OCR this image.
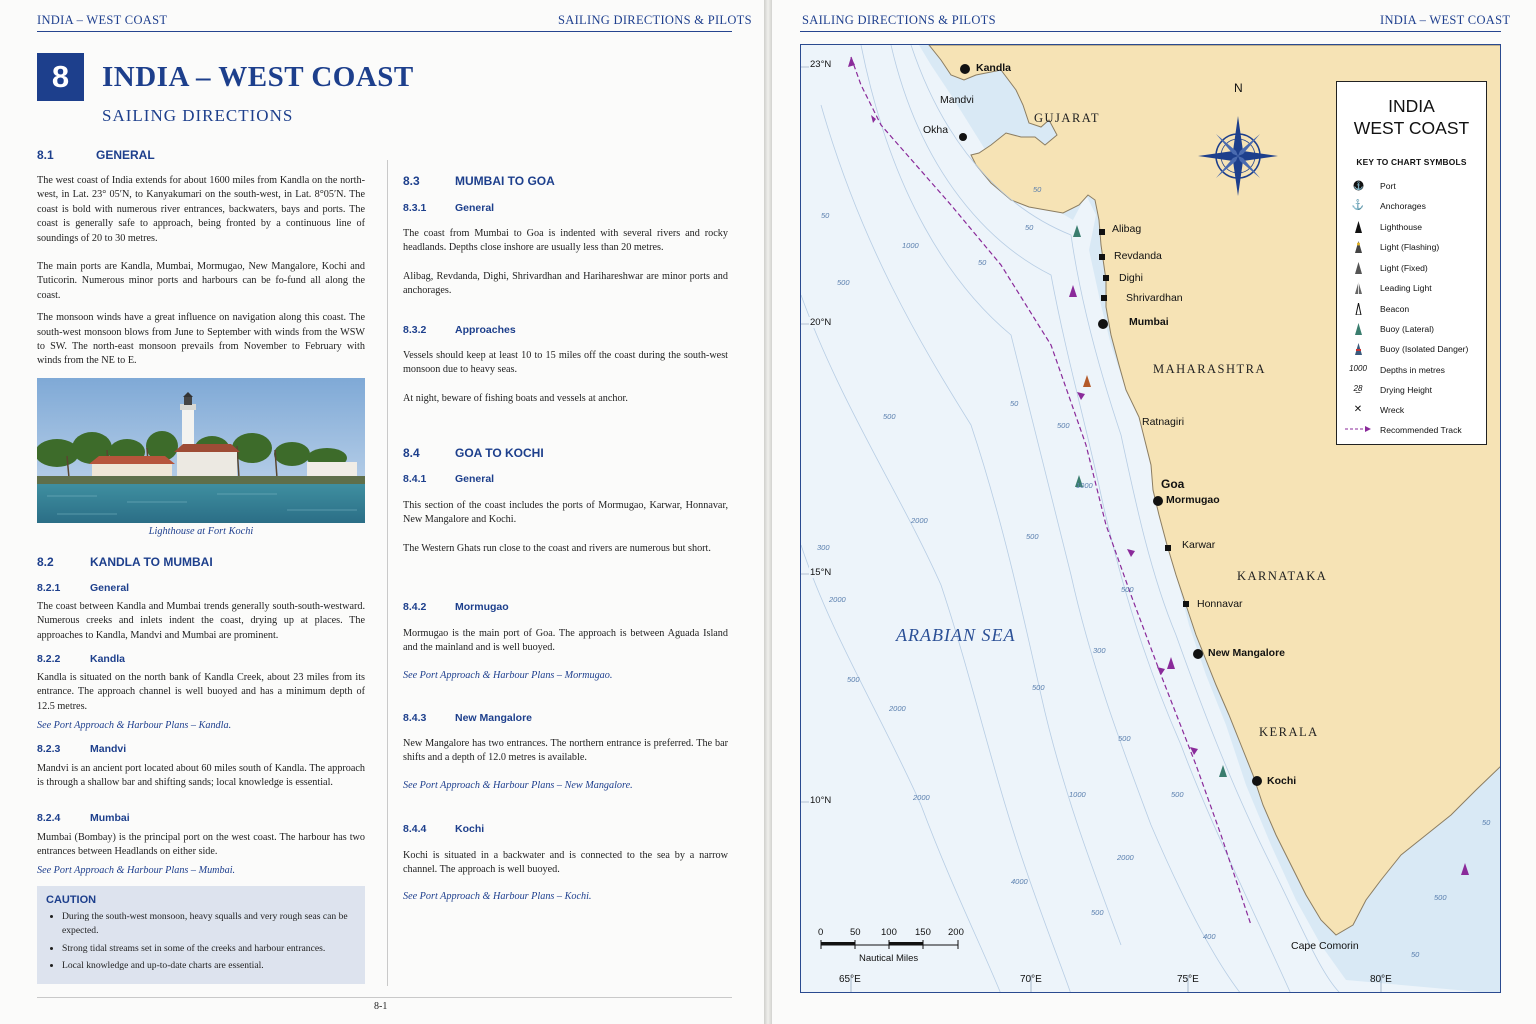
INDIA – WEST COAST	SAILING DIRECTIONS & PILOTS
8	INDIA – WEST COAST
SAILING DIRECTIONS
8.1	GENERAL

The west coast of India extends for about 1600 miles from Kandla on the north-west, in Lat. 23° 05′N, to Kanyakumari on the south-west, in Lat. 8°05′N. The coast is bold with numerous river entrances, backwaters, bays and ports. The coast is generally safe to approach, being fronted by a continuous line of soundings of 20 to 30 metres.

The main ports are Kandla, Mumbai, Mormugao, New Mangalore, Kochi and Tuticorin. Numerous minor ports and harbours can be fo-fund all along the coast.

The monsoon winds have a great influence on navigation along this coast. The south-west monsoon blows from June to September with winds from the WSW to SW. The north-east monsoon prevails from November to February with winds from the NE to E.

Lighthouse at Fort Kochi
8.2	KANDLA TO MUMBAI
8.2.1	General

The coast between Kandla and Mumbai trends generally south-south-westward. Numerous creeks and inlets indent the coast, drying up at places. The approaches to Kandla, Mandvi and Mumbai are prominent.

8.2.2	Kandla

Kandla is situated on the north bank of Kandla Creek, about 23 miles from its entrance. The approach channel is well buoyed and has a minimum depth of 12.5 metres.

See Port Approach & Harbour Plans – Kandla.
8.2.3	Mandvi

Mandvi is an ancient port located about 60 miles south of Kandla. The approach is through a shallow bar and shifting sands; local knowledge is essential.

8.2.4	Mumbai

Mumbai (Bombay) is the principal port on the west coast. The harbour has two entrances between Headlands on either side.

See Port Approach & Harbour Plans – Mumbai.
CAUTION
• During the south-west monsoon, heavy squalls and very rough seas can be expected.
• Strong tidal streams set in some of the creeks and harbour entrances.
• Local knowledge and up-to-date charts are essential.
8.3	MUMBAI TO GOA
8.3.1	General

The coast from Mumbai to Goa is indented with several rivers and rocky headlands. Depths close inshore are usually less than 20 metres.

Alibag, Revdanda, Dighi, Shrivardhan and Harihareshwar are minor ports and anchorages.

8.3.2	Approaches

Vessels should keep at least 10 to 15 miles off the coast during the south-west monsoon due to heavy seas.

At night, beware of fishing boats and vessels at anchor.

8.4	GOA TO KOCHI
8.4.1	General

This section of the coast includes the ports of Mormugao, Karwar, Honnavar, New Mangalore and Kochi.

The Western Ghats run close to the coast and rivers are numerous but short.

8.4.2	Mormugao

Mormugao is the main port of Goa. The approach is between Aguada Island and the mainland and is well buoyed.

See Port Approach & Harbour Plans – Mormugao.
8.4.3	New Mangalore

New Mangalore has two entrances. The northern entrance is preferred. The bar shifts and a depth of 12.0 metres is available.

See Port Approach & Harbour Plans – New Mangalore.
8.4.4	Kochi

Kochi is situated in a backwater and is connected to the sea by a narrow channel. The approach is well buoyed.

See Port Approach & Harbour Plans – Kochi.
8-1
SAILING DIRECTIONS & PILOTS	INDIA – WEST COAST
INDIA
WEST COAST
KEY TO CHART SYMBOLS
⚓ Port
⚓	Anchorages
Lighthouse
Light (Flashing)
Light (Fixed)
Leading Light
Beacon
Buoy (Lateral)
Buoy (Isolated Danger)
1000 Depths in metres
2̲8	Drying Height
✕	Wreck
Recommended Track
N
Kandla
Mandvi
Okha
Alibag
Revdanda
Dighi
Shrivardhan
Mumbai
Ratnagiri
Goa
Mormugao
Karwar
Honnavar
New Mangalore
Kochi
Cape Comorin
GUJARAT
MAHARASHTRA
KARNATAKA
KERALA
ARABIAN SEA
23°N
20°N
15°N
10°N
65°E	70°E	75°E	80°E
0	50 100 150 200
Nautical Miles
50
500
1000
50
500
500
2000
300
2000
500
50
300
2000
500
50
2000
500
1000
2000
500
4000
500
500
50
1000
500
400
500
50
50
